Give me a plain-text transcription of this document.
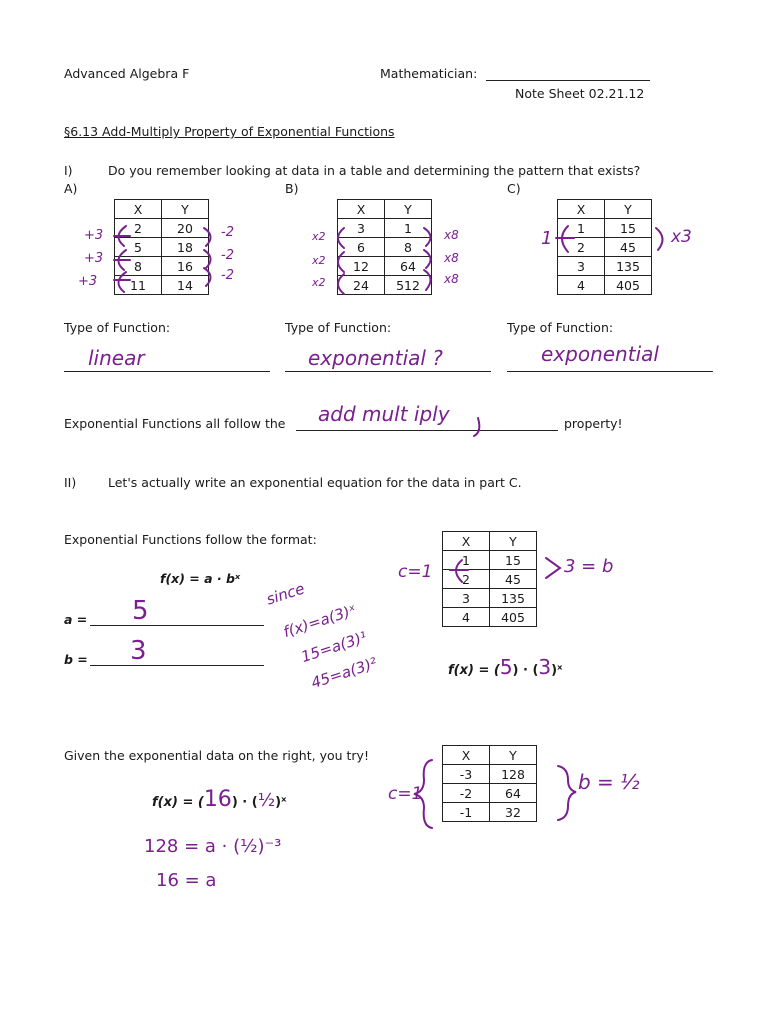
Advanced Algebra F	Mathematician:
Note Sheet 02.21.12
§6.13 Add-Multiply Property of Exponential Functions
I)	Do you remember looking at data in a table and determining the pattern that exists?
A)	B)	C)
X	Y
2	20
5	18
8	16
11	14
X	Y
3	1
6	8
12	64
24	512
X	Y
1	15
2	45
3	135
4	405
+3
+3
+3
-2
-2
-2
x2
x2
x2
x8
x8
x8
1	x3
Type of Function:	Type of Function:	Type of Function:
linear	exponential ?	exponential
Exponential Functions all follow the add mult iply	property!
II)	Let's actually write an exponential equation for the data in part C.
Exponential Functions follow the format:
f(x) = a · bˣ
a = 5
b = 3
since
f(x)=a(3)ˣ
15=a(3)¹
45=a(3)²
X	Y
1	15
2	45
3	135
4	405
c=1	3 = b
f(x) = (5) · (3)ˣ
Given the exponential data on the right, you try!
f(x) = (16) · (½)ˣ
128 = a · (½)⁻³
16 = a
X	Y
-3	128
-2	64
-1	32
c=1	b = ½
